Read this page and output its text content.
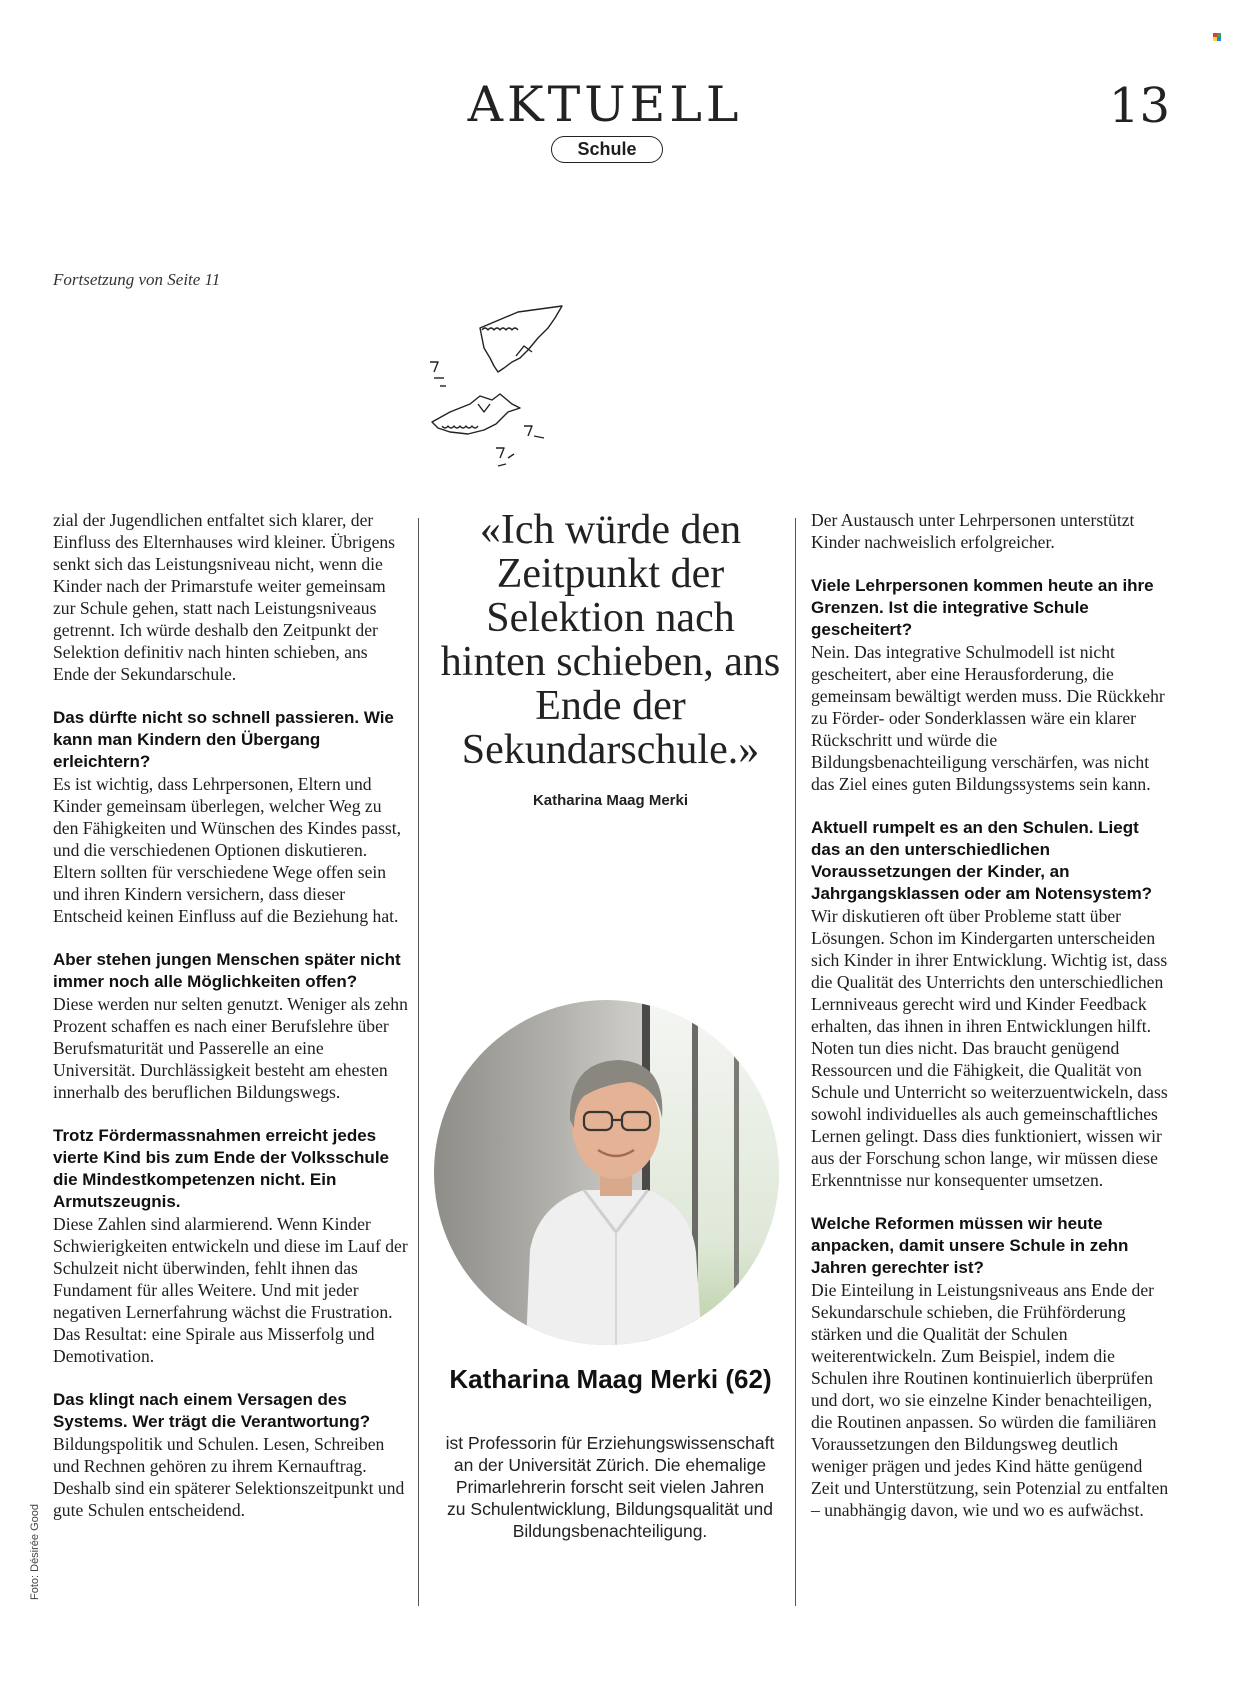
AKTUELL
Schule
13
Fortsetzung von Seite 11

zial der Jugendlichen entfaltet sich klarer, der Einfluss des Elternhauses wird kleiner. Übrigens senkt sich das Leistungsniveau nicht, wenn die Kinder nach der Primarstufe weiter gemeinsam zur Schule gehen, statt nach Leistungsniveaus getrennt. Ich würde deshalb den Zeitpunkt der Selektion definitiv nach hinten schieben, ans Ende der Sekundarschule.

Das dürfte nicht so schnell passieren. Wie kann man Kindern den Übergang erleichtern?

Es ist wichtig, dass Lehrpersonen, Eltern und Kinder gemeinsam überlegen, welcher Weg zu den Fähigkeiten und Wünschen des Kindes passt, und die verschiedenen Optionen diskutieren. Eltern sollten für verschiedene Wege offen sein und ihren Kindern versichern, dass dieser Entscheid keinen Einfluss auf die Beziehung hat.

Aber stehen jungen Menschen später nicht immer noch alle Möglichkeiten offen?

Diese werden nur selten genutzt. Weniger als zehn Prozent schaffen es nach einer Berufslehre über Berufsmaturität und Passerelle an eine Universität. Durchlässigkeit besteht am ehesten innerhalb des beruflichen Bildungswegs.

Trotz Fördermassnahmen erreicht jedes vierte Kind bis zum Ende der Volksschule die Mindestkompetenzen nicht. Ein Armutszeugnis.

Diese Zahlen sind alarmierend. Wenn Kinder Schwierigkeiten entwickeln und diese im Lauf der Schulzeit nicht überwinden, fehlt ihnen das Fundament für alles Weitere. Und mit jeder negativen Lernerfahrung wächst die Frustration. Das Resultat: eine Spirale aus Misserfolg und Demotivation.

Das klingt nach einem Versagen des Systems. Wer trägt die Verantwortung?

Bildungspolitik und Schulen. Lesen, Schreiben und Rechnen gehören zu ihrem Kernauftrag. Deshalb sind ein späterer Selektionszeitpunkt und gute Schulen entscheidend.

«Ich würde den Zeitpunkt der Selektion nach hinten schieben, ans Ende der Sekundarschule.»
Katharina Maag Merki
Katharina Maag Merki (62)
ist Professorin für Erziehungswissenschaft an der Universität Zürich. Die ehemalige Primarlehrerin forscht seit vielen Jahren zu Schulentwicklung, Bildungsqualität und Bildungsbenachteiligung.

Der Austausch unter Lehrpersonen unterstützt Kinder nachweislich erfolgreicher.

Viele Lehrpersonen kommen heute an ihre Grenzen. Ist die integrative Schule gescheitert?

Nein. Das integrative Schulmodell ist nicht gescheitert, aber eine Herausforderung, die gemeinsam bewältigt werden muss. Die Rückkehr zu Förder- oder Sonderklassen wäre ein klarer Rückschritt und würde die Bildungsbenachteiligung verschärfen, was nicht das Ziel eines guten Bildungssystems sein kann.

Aktuell rumpelt es an den Schulen. Liegt das an den unterschiedlichen Voraussetzungen der Kinder, an Jahrgangsklassen oder am Notensystem?

Wir diskutieren oft über Probleme statt über Lösungen. Schon im Kindergarten unterscheiden sich Kinder in ihrer Entwicklung. Wichtig ist, dass die Qualität des Unterrichts den unterschiedlichen Lernniveaus gerecht wird und Kinder Feedback erhalten, das ihnen in ihren Entwicklungen hilft. Noten tun dies nicht. Das braucht genügend Ressourcen und die Fähigkeit, die Qualität von Schule und Unterricht so weiterzuentwickeln, dass sowohl individuelles als auch gemeinschaftliches Lernen gelingt. Dass dies funktioniert, wissen wir aus der Forschung schon lange, wir müssen diese Erkenntnisse nur konsequenter umsetzen.

Welche Reformen müssen wir heute anpacken, damit unsere Schule in zehn Jahren gerechter ist?

Die Einteilung in Leistungsniveaus ans Ende der Sekundarschule schieben, die Frühförderung stärken und die Qualität der Schulen weiterentwickeln. Zum Beispiel, indem die Schulen ihre Routinen kontinuierlich überprüfen und dort, wo sie einzelne Kinder benachteiligen, die Routinen anpassen. So würden die familiären Voraussetzungen den Bildungsweg deutlich weniger prägen und jedes Kind hätte genügend Zeit und Unterstützung, sein Potenzial zu entfalten – unabhängig davon, wie und wo es aufwächst.

Foto: Désirée Good
